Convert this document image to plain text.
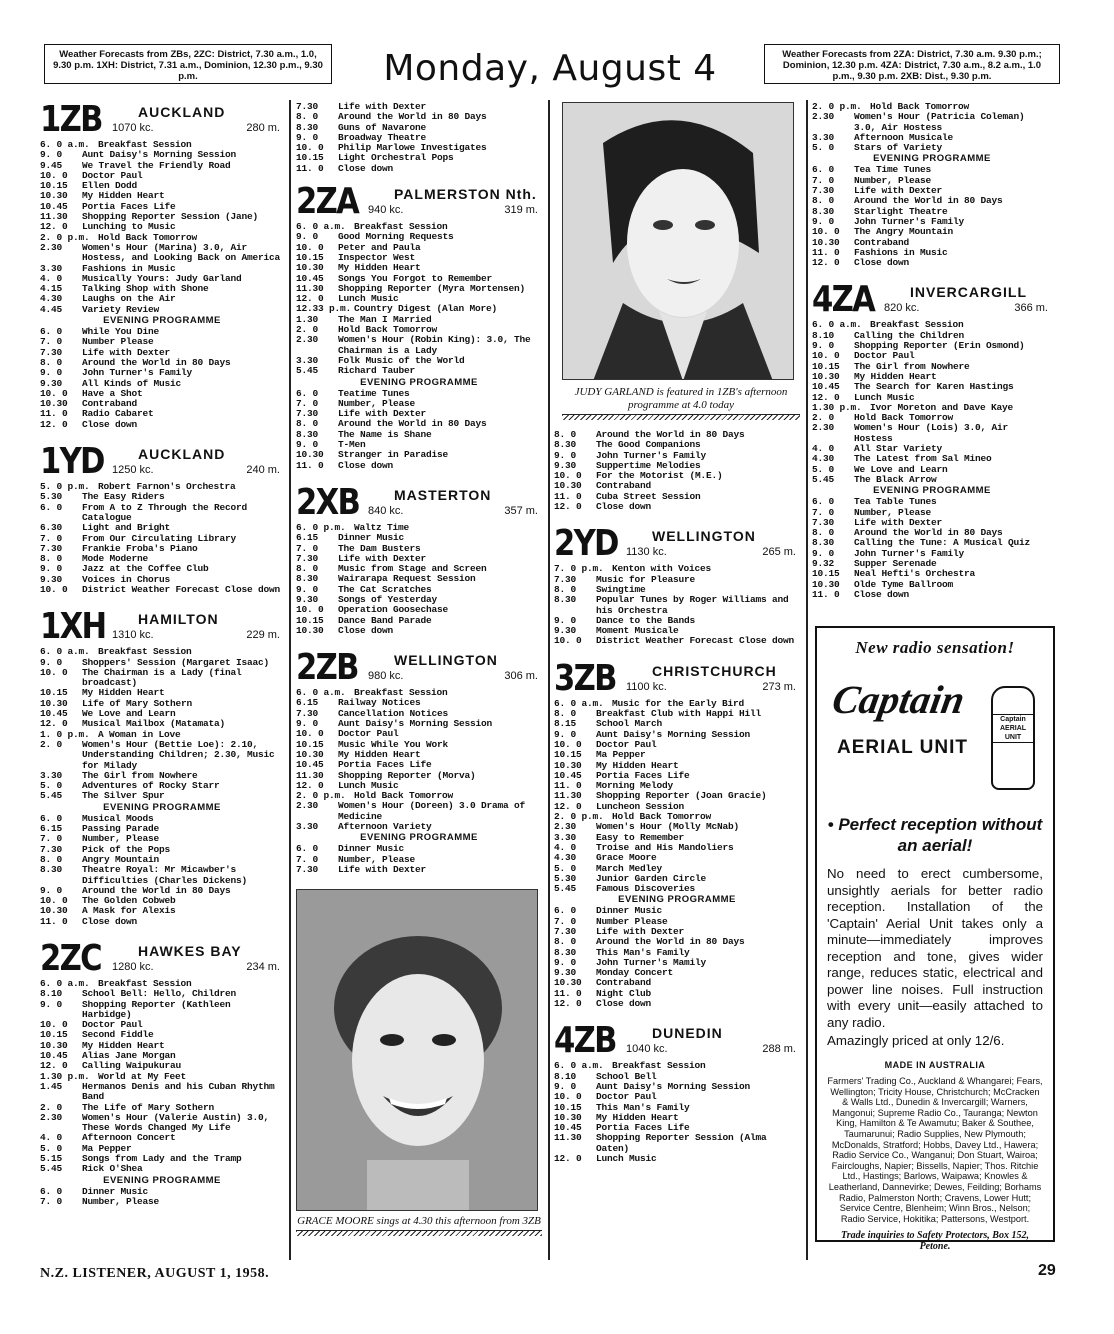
Weather Forecasts from ZBs, 2ZC: District, 7.30 a.m., 1.0, 9.30 p.m. 1XH: District, 7.31 a.m., Dominion, 12.30 p.m., 9.30 p.m.	Monday, August 4	Weather Forecasts from 2ZA: District, 7.30 a.m. 9.30 p.m.; Dominion, 12.30 p.m. 4ZA: District, 7.30 a.m., 8.2 a.m., 1.0 p.m., 9.30 p.m. 2XB: Dist., 9.30 p.m.
1ZB	AUCKLAND
1070 kc.	280 m.
6. 0 a.m. Breakfast Session
9. 0	Aunt Daisy's Morning Session
9.45	We Travel the Friendly Road
10. 0	Doctor Paul
10.15	Ellen Dodd
10.30	My Hidden Heart
10.45	Portia Faces Life
11.30	Shopping Reporter Session (Jane)
12. 0	Lunching to Music
2. 0 p.m. Hold Back Tomorrow
2.30	Women's Hour (Marina) 3.0, Air Hostess, and Looking Back on America
3.30	Fashions in Music
4. 0	Musically Yours: Judy Garland
4.15	Talking Shop with Shone
4.30	Laughs on the Air
4.45	Variety Review
EVENING PROGRAMME
6. 0	While You Dine
7. 0	Number Please
7.30	Life with Dexter
8. 0	Around the World in 80 Days
9. 0	John Turner's Family
9.30	All Kinds of Music
10. 0	Have a Shot
10.30	Contraband
11. 0	Radio Cabaret
12. 0	Close down
1YD AUCKLAND
1250 kc.	240 m.
5. 0 p.m. Robert Farnon's Orchestra
5.30	The Easy Riders
6. 0	From A to Z Through the Record Catalogue
6.30	Light and Bright
7. 0	From Our Circulating Library
7.30	Frankie Froba's Piano
8. 0	Mode Moderne
9. 0	Jazz at the Coffee Club
9.30	Voices in Chorus
10. 0	District Weather Forecast Close down
1XH HAMILTON
1310 kc.	229 m.
6. 0 a.m. Breakfast Session
9. 0	Shoppers' Session (Margaret Isaac)
10. 0	The Chairman is a Lady (final broadcast)
10.15	My Hidden Heart
10.30	Life of Mary Sothern
10.45	We Love and Learn
12. 0	Musical Mailbox (Matamata)
1. 0 p.m. A Woman in Love
2. 0	Women's Hour (Bettie Loe): 2.10, Understanding Children; 2.30, Music for Milady
3.30	The Girl from Nowhere
5. 0	Adventures of Rocky Starr
5.45	The Silver Spur
EVENING PROGRAMME
6. 0	Musical Moods
6.15	Passing Parade
7. 0	Number, Please
7.30	Pick of the Pops
8. 0	Angry Mountain
8.30	Theatre Royal: Mr Micawber's Difficulties (Charles Dickens)
9. 0	Around the World in 80 Days
10. 0	The Golden Cobweb
10.30	A Mask for Alexis
11. 0	Close down
2ZC	HAWKES BAY
1280 kc.	234 m.
6. 0 a.m. Breakfast Session
8.10	School Bell: Hello, Children
9. 0	Shopping Reporter (Kathleen Harbidge)
10. 0	Doctor Paul
10.15	Second Fiddle
10.30	My Hidden Heart
10.45	Alias Jane Morgan
12. 0	Calling Waipukurau
1.30 p.m. World at My Feet
1.45	Hermanos Denis and his Cuban Rhythm Band
2. 0	The Life of Mary Sothern
2.30	Women's Hour (Valerie Austin) 3.0, These Words Changed My Life
4. 0	Afternoon Concert
5. 0	Ma Pepper
5.15	Songs from Lady and the Tramp
5.45	Rick O'Shea
EVENING PROGRAMME
6. 0	Dinner Music
7. 0	Number, Please
7.30	Life with Dexter
8. 0	Around the World in 80 Days
8.30	Guns of Navarone
9. 0	Broadway Theatre
10. 0	Philip Marlowe Investigates
10.15	Light Orchestral Pops
11. 0	Close down
2ZA	PALMERSTON Nth.
940 kc.	319 m.
6. 0 a.m. Breakfast Session
9. 0	Good Morning Requests
10. 0	Peter and Paula
10.15	Inspector West
10.30	My Hidden Heart
10.45	Songs You Forgot to Remember
11.30	Shopping Reporter (Myra Mortensen)
12. 0	Lunch Music
12.33 p.m. Country Digest (Alan More)
1.30	The Man I Married
2. 0	Hold Back Tomorrow
2.30	Women's Hour (Robin King): 3.0, The Chairman is a Lady
3.30	Folk Music of the World
5.45	Richard Tauber
EVENING PROGRAMME
6. 0	Teatime Tunes
7. 0	Number, Please
7.30	Life with Dexter
8. 0	Around the World in 80 Days
8.30	The Name is Shane
9. 0	T-Men
10.30	Stranger in Paradise
11. 0	Close down
2XB MASTERTON
840 kc.	357 m.
6. 0 p.m. Waltz Time
6.15	Dinner Music
7. 0	The Dam Busters
7.30	Life with Dexter
8. 0	Music from Stage and Screen
8.30	Wairarapa Request Session
9. 0	The Cat Scratches
9.30	Songs of Yesterday
10. 0	Operation Goosechase
10.15	Dance Band Parade
10.30	Close down
2ZB	WELLINGTON
980 kc.	306 m.
6. 0 a.m. Breakfast Session
6.15	Railway Notices
7.30	Cancellation Notices
9. 0	Aunt Daisy's Morning Session
10. 0	Doctor Paul
10.15	Music While You Work
10.30	My Hidden Heart
10.45	Portia Faces Life
11.30	Shopping Reporter (Morva)
12. 0	Lunch Music
2. 0 p.m. Hold Back Tomorrow
2.30	Women's Hour (Doreen) 3.0 Drama of Medicine
3.30	Afternoon Variety
EVENING PROGRAMME
6. 0	Dinner Music
7. 0	Number, Please
7.30	Life with Dexter
GRACE MOORE sings at 4.30 this afternoon from 3ZB
JUDY GARLAND is featured in 1ZB's afternoon programme at 4.0 today
8. 0	Around the World in 80 Days
8.30	The Good Companions
9. 0	John Turner's Family
9.30	Suppertime Melodies
10. 0	For the Motorist (M.E.)
10.30	Contraband
11. 0	Cuba Street Session
12. 0	Close down
2YD WELLINGTON
1130 kc.	265 m.
7. 0 p.m. Kenton with Voices
7.30	Music for Pleasure
8. 0	Swingtime
8.30	Popular Tunes by Roger Williams and his Orchestra
9. 0	Dance to the Bands
9.30	Moment Musicale
10. 0	District Weather Forecast Close down
3ZB	CHRISTCHURCH
1100 kc.	273 m.
6. 0 a.m. Music for the Early Bird
8. 0	Breakfast Club with Happi Hill
8.15	School March
9. 0	Aunt Daisy's Morning Session
10. 0	Doctor Paul
10.15	Ma Pepper
10.30	My Hidden Heart
10.45	Portia Faces Life
11. 0	Morning Melody
11.30	Shopping Reporter (Joan Gracie)
12. 0	Luncheon Session
2. 0 p.m. Hold Back Tomorrow
2.30	Women's Hour (Molly McNab)
3.30	Easy to Remember
4. 0	Troise and His Mandoliers
4.30	Grace Moore
5. 0	March Medley
5.30	Junior Garden Circle
5.45	Famous Discoveries
EVENING PROGRAMME
6. 0	Dinner Music
7. 0	Number Please
7.30	Life with Dexter
8. 0	Around the World in 80 Days
8.30	This Man's Family
9. 0	John Turner's Mamily
9.30	Monday Concert
10.30	Contraband
11. 0	Night Club
12. 0	Close down
4ZB	DUNEDIN
1040 kc.	288 m.
6. 0 a.m. Breakfast Session
8.10	School Bell
9. 0	Aunt Daisy's Morning Session
10. 0	Doctor Paul
10.15	This Man's Family
10.30	My Hidden Heart
10.45	Portia Faces Life
11.30	Shopping Reporter Session (Alma Oaten)
12. 0	Lunch Music
2. 0 p.m. Hold Back Tomorrow
2.30	Women's Hour (Patricia Coleman) 3.0, Air Hostess
3.30	Afternoon Musicale
5. 0	Stars of Variety
EVENING PROGRAMME
6. 0	Tea Time Tunes
7. 0	Number, Please
7.30	Life with Dexter
8. 0	Around the World in 80 Days
8.30	Starlight Theatre
9. 0	John Turner's Family
10. 0	The Angry Mountain
10.30	Contraband
11. 0	Fashions in Music
12. 0	Close down
4ZA	INVERCARGILL
820 kc.	366 m.
6. 0 a.m. Breakfast Session
8.10	Calling the Children
9. 0	Shopping Reporter (Erin Osmond)
10. 0	Doctor Paul
10.15	The Girl from Nowhere
10.30	My Hidden Heart
10.45	The Search for Karen Hastings
12. 0	Lunch Music
1.30 p.m. Ivor Moreton and Dave Kaye
2. 0	Hold Back Tomorrow
2.30	Women's Hour (Lois) 3.0, Air Hostess
4. 0	All Star Variety
4.30	The Latest from Sal Mineo
5. 0	We Love and Learn
5.45	The Black Arrow
EVENING PROGRAMME
6. 0	Tea Table Tunes
7. 0	Number, Please
7.30	Life with Dexter
8. 0	Around the World in 80 Days
8.30	Calling the Tune: A Musical Quiz
9. 0	John Turner's Family
9.32	Supper Serenade
10.15	Neal Hefti's Orchestra
10.30	Olde Tyme Ballroom
11. 0	Close down
New radio sensation!
Captain
AERIAL UNIT
Captain AERIAL UNIT
• Perfect reception without an aerial!
No need to erect cumbersome, unsightly aerials for better radio reception. Installation of the 'Captain' Aerial Unit takes only a minute—immediately improves reception and tone, gives wider range, reduces static, electrical and power line noises. Full instruction with every unit—easily attached to any radio.
Amazingly priced at only 12/6.
MADE IN AUSTRALIA
Farmers' Trading Co., Auckland & Whangarei; Fears, Wellington; Tricity House, Christchurch; McCracken & Walls Ltd., Dunedin & Invercargill; Warners, Mangonui; Supreme Radio Co., Tauranga; Newton King, Hamilton & Te Awamutu; Baker & Southee, Taumarunui; Radio Supplies, New Plymouth; McDonalds, Stratford; Hobbs, Davey Ltd., Hawera; Radio Service Co., Wanganui; Don Stuart, Wairoa; Faircloughs, Napier; Bissells, Napier; Thos. Ritchie Ltd., Hastings; Barlows, Waipawa; Knowles & Leatherland, Dannevirke; Dewes, Feilding; Borhams Radio, Palmerston North; Cravens, Lower Hutt; Service Centre, Blenheim; Winn Bros., Nelson; Radio Service, Hokitika; Pattersons, Westport.
Trade inquiries to Safety Protectors, Box 152, Petone.
N.Z. LISTENER, AUGUST 1, 1958.	29
